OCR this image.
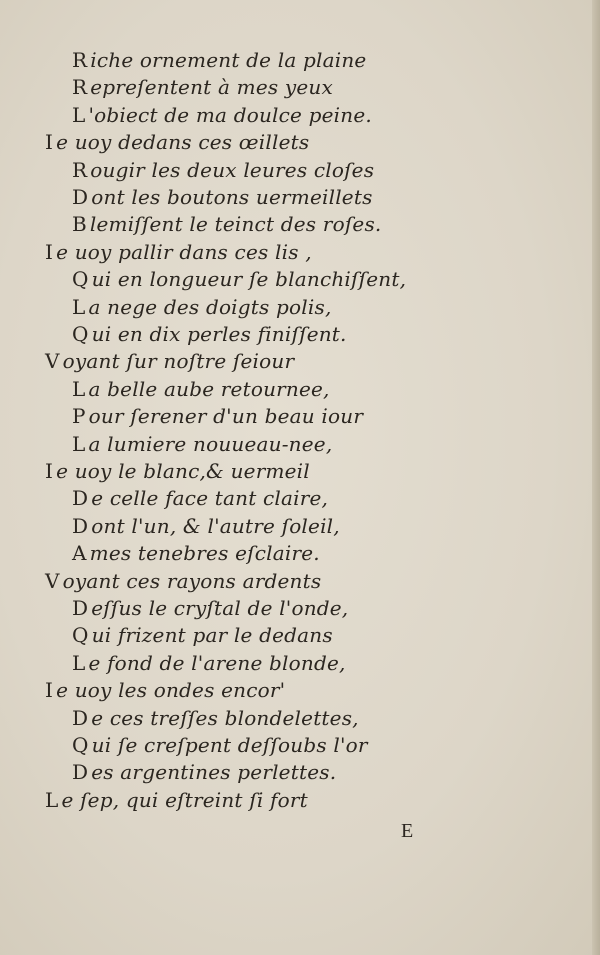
R iche ornement de la plaine
R epreſentent à mes yeux
L 'obiect de ma doulce peine.
I e uoy dedans ces œillets
R ougir les deux leures cloſes
D ont les boutons uermeillets
B lemiſſent le teinct des roſes.
I e uoy pallir dans ces lis ,
Q ui en longueur ſe blanchiſſent,
L a nege des doigts polis,
Q ui en dix perles finiſſent.
V oyant ſur noſtre ſeiour
L a belle aube retournee,
P our ſerener d'un beau iour
L a lumiere nouueau-nee,
I e uoy le blanc,& uermeil
D e celle face tant claire,
D ont l'un, & l'autre ſoleil,
A mes tenebres eſclaire.
V oyant ces rayons ardents
D eſſus le cryſtal de l'onde,
Q ui frizent par le dedans
L e fond de l'arene blonde,
I e uoy les ondes encor'
D e ces treſſes blondelettes,
Q ui ſe creſpent deſſoubs l'or
D es argentines perlettes.
L e ſep, qui eſtreint ſi fort
E
